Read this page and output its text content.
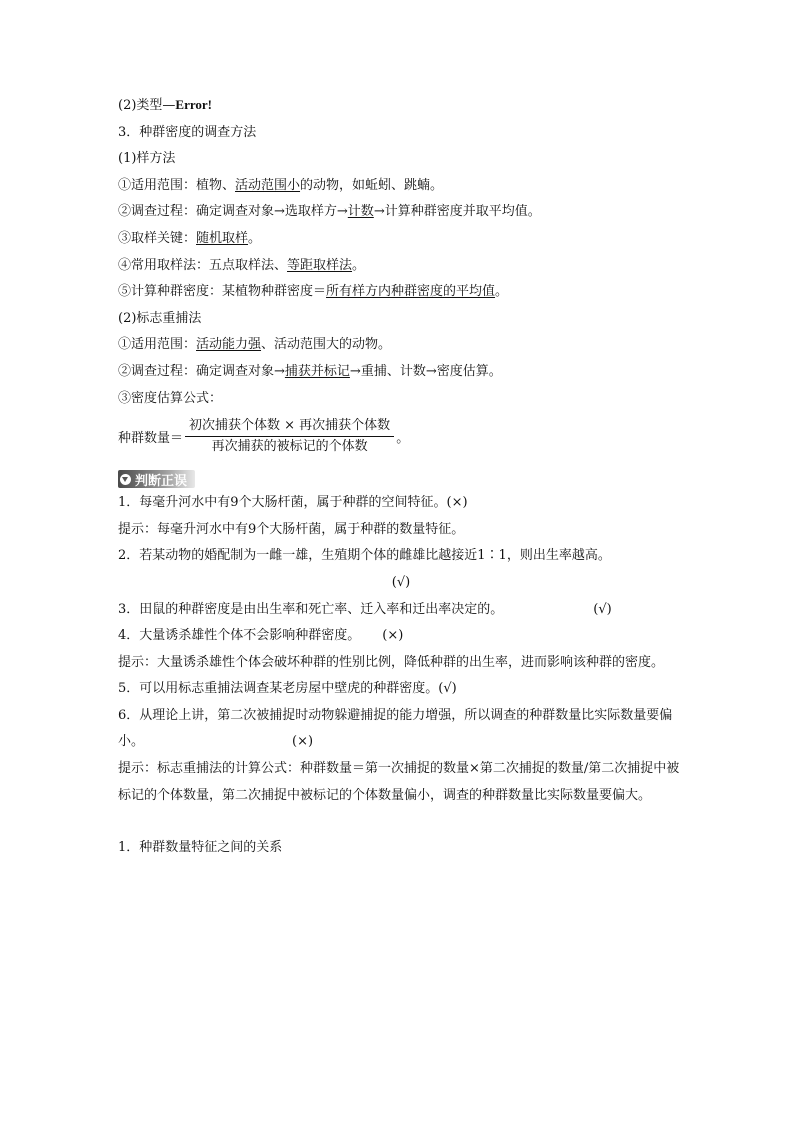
(2)类型—Error!
3．种群密度的调查方法
(1)样方法
①适用范围：植物、活动范围小的动物，如蚯蚓、跳蝻。
②调查过程：确定调查对象→选取样方→计数→计算种群密度并取平均值。
③取样关键：随机取样。
④常用取样法：五点取样法、等距取样法。
⑤计算种群密度：某植物种群密度＝所有样方内种群密度的平均值。
(2)标志重捕法
①适用范围：活动能力强、活动范围大的动物。
②调查过程：确定调查对象→捕获并标记→重捕、计数→密度估算。
③密度估算公式：
种群数量＝ $\frac{\text{初次捕获个体数 × 再次捕获个体数}}{\text{再次捕获的被标记的个体数}}$ 。
判断正误
1．每毫升河水中有9个大肠杆菌，属于种群的空间特征。(×)
提示：每毫升河水中有9个大肠杆菌，属于种群的数量特征。
2．若某动物的婚配制为一雌一雄，生殖期个体的雌雄比越接近1∶1，则出生率越高。
(√)
3．田鼠的种群密度是由出生率和死亡率、迁入率和迁出率决定的。	(√)
4．大量诱杀雄性个体不会影响种群密度。 (×)
提示：大量诱杀雄性个体会破坏种群的性别比例，降低种群的出生率，进而影响该种群的密度。
5．可以用标志重捕法调查某老房屋中壁虎的种群密度。(√)
6．从理论上讲，第二次被捕捉时动物躲避捕捉的能力增强，所以调查的种群数量比实际数量要偏小。	(×)
提示：标志重捕法的计算公式：种群数量＝第一次捕捉的数量×第二次捕捉的数量/第二次捕捉中被标记的个体数量，第二次捕捉中被标记的个体数量偏小，调查的种群数量比实际数量要偏大。
1．种群数量特征之间的关系
